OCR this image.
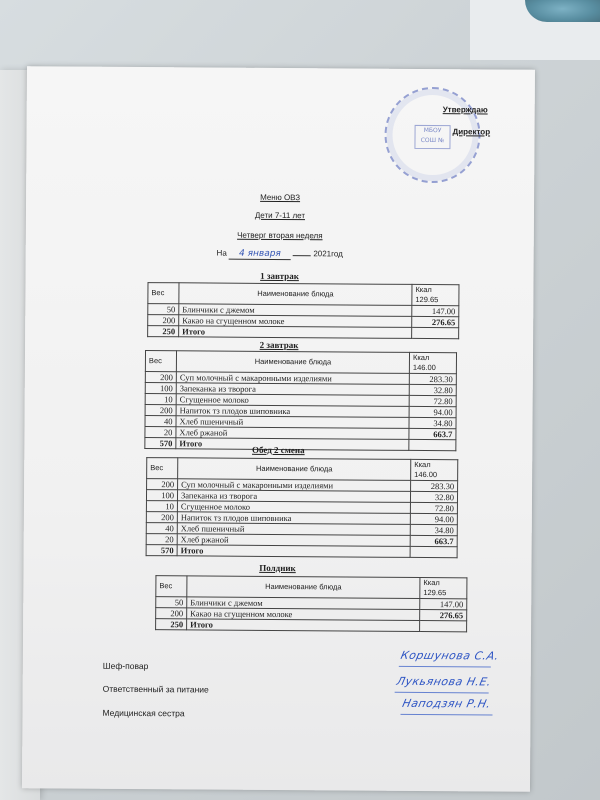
МБОУ СОШ №
Утверждаю
Директор
Меню ОВЗ
Дети 7-11 лет
Четверг вторая неделя
На 4 января	2021год
1 завтрак
Вес	Наименование блюда	Ккал
129.65
50	Блинчики с джемом	147.00
200	Какао на сгущенном молоке	276.65
250	Итого	
2 завтрак
Вес	Наименование блюда	Ккал
146.00
200	Суп молочный с макаронными изделиями	283.30
100	Запеканка из творога	32.80
10	Сгущенное молоко	72.80
200	Напиток тз плодов шиповника	94.00
40	Хлеб пшеничный	34.80
20	Хлеб ржаной	663.7
570	Итого	
Обед 2 смена
Вес	Наименование блюда	Ккал
146.00
200	Суп молочный с макаронными изделиями	283.30
100	Запеканка из творога	32.80
10	Сгущенное молоко	72.80
200	Напиток тз плодов шиповника	94.00
40	Хлеб пшеничный	34.80
20	Хлеб ржаной	663.7
570	Итого	
Полдник
Вес	Наименование блюда	Ккал
129.65
50	Блинчики с джемом	147.00
200	Какао на сгущенном молоке	276.65
250	Итого	
Шеф-повар
Ответственный за питание
Медицинская сестра
Коршунова С.А.
Лукьянова Н.Е.
Наподзян Р.Н.
